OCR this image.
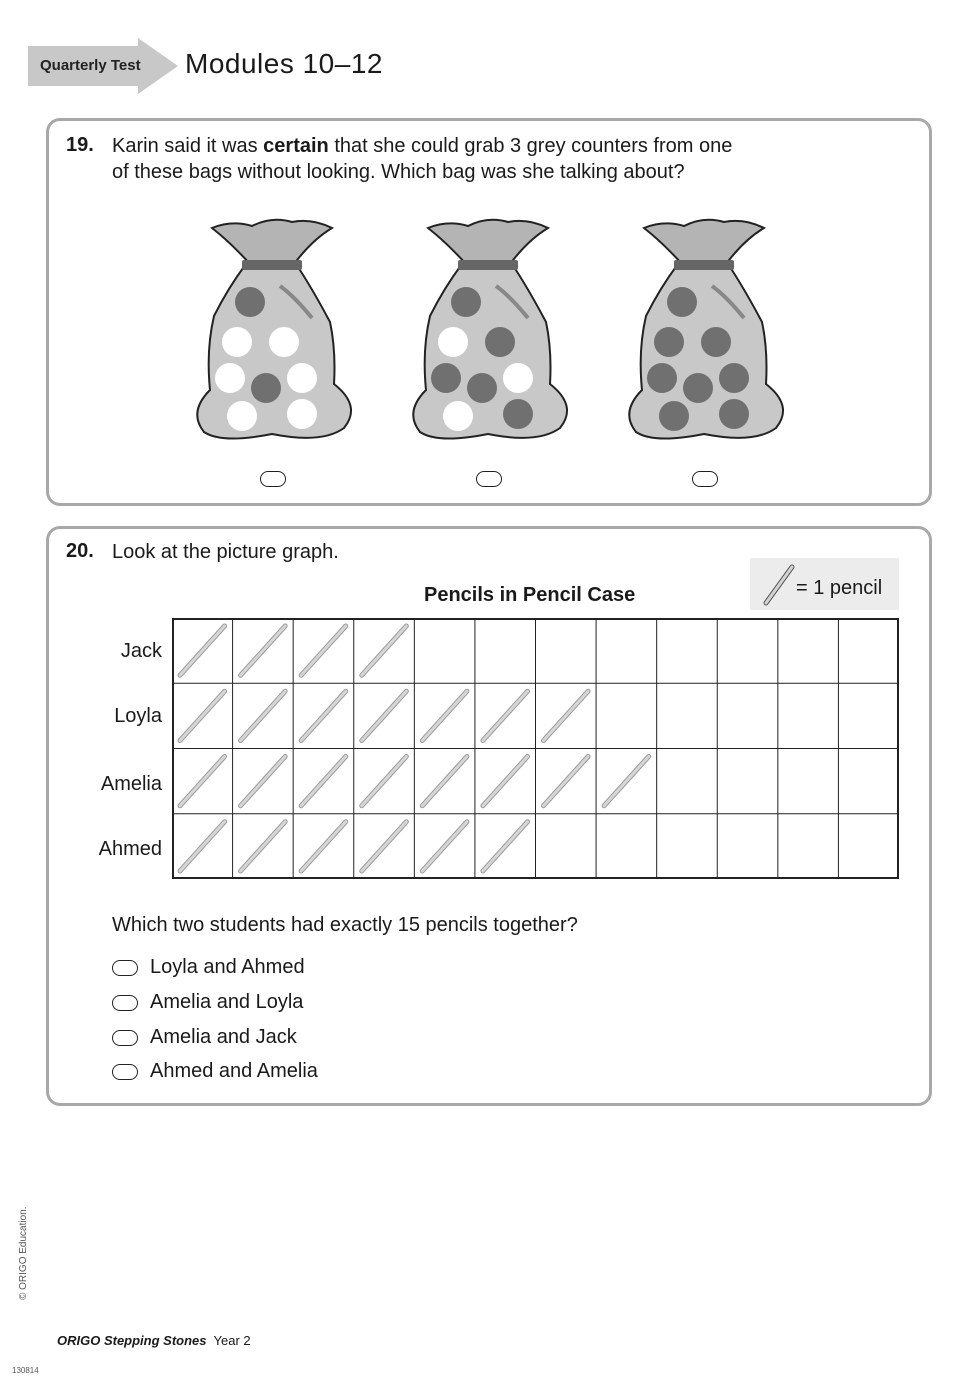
Quarterly Test Modules 10–12
19. Karin said it was certain that she could grab 3 grey counters from one
of these bags without looking. Which bag was she talking about?
20. Look at the picture graph.
= 1 pencil
Pencils in Pencil Case
Jack
Loyla
Amelia
Ahmed
Which two students had exactly 15 pencils together?
Loyla and Ahmed
Amelia and Loyla
Amelia and Jack
Ahmed and Amelia
© ORIGO Education.
ORIGO Stepping Stones Year 2
130814
